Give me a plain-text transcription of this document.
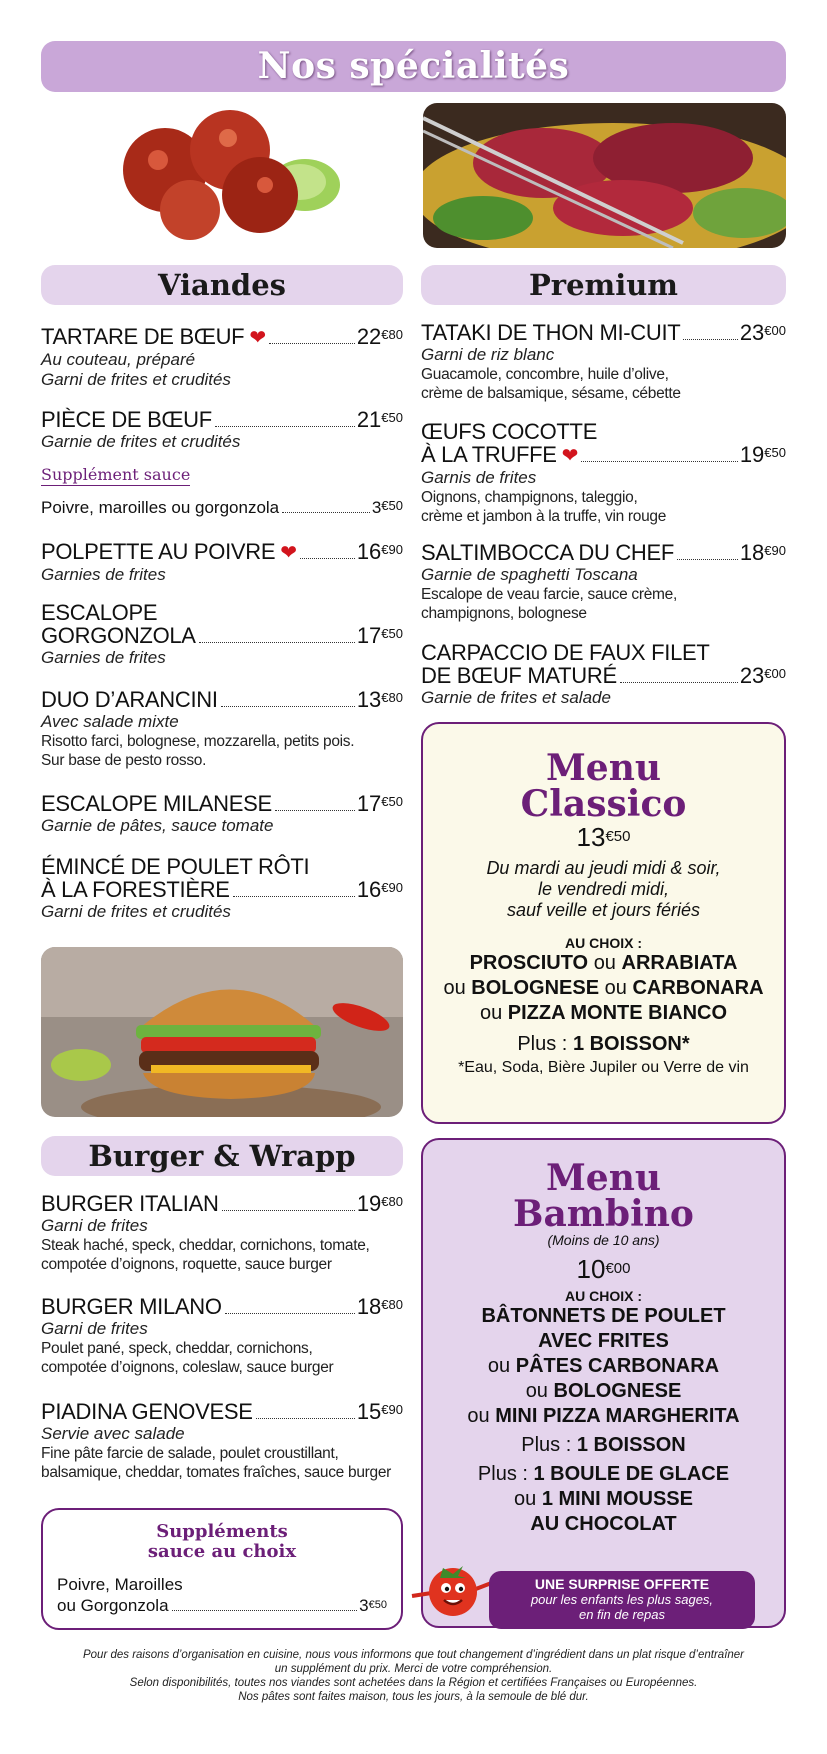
Nos spécialités
Viandes	Premium
TARTARE DE BŒUF ❤	$22^{€80}$
Au couteau, préparé
Garni de frites et crudités
PIÈCE DE BŒUF	$21^{€50}$
Garnie de frites et crudités
Supplément sauce
Poivre, maroilles ou gorgonzola	$3^{€50}$
POLPETTE AU POIVRE ❤	$16^{€90}$
Garnies de frites
ESCALOPE
GORGONZOLA	$17^{€50}$
Garnies de frites
DUO D’ARANCINI	$13^{€80}$
Avec salade mixte
Risotto farci, bolognese, mozzarella, petits pois.
Sur base de pesto rosso.
ESCALOPE MILANESE	$17^{€50}$
Garnie de pâtes, sauce tomate
ÉMINCÉ DE POULET RÔTI
À LA FORESTIÈRE	$16^{€90}$
Garni de frites et crudités
TATAKI DE THON MI-CUIT	$23^{€00}$
Garni de riz blanc
Guacamole, concombre, huile d’olive,
crème de balsamique, sésame, cébette
ŒUFS COCOTTE
À LA TRUFFE ❤	$19^{€50}$
Garnis de frites
Oignons, champignons, taleggio,
crème et jambon à la truffe, vin rouge
SALTIMBOCCA DU CHEF	$18^{€90}$
Garnie de spaghetti Toscana
Escalope de veau farcie, sauce crème,
champignons, bolognese
CARPACCIO DE FAUX FILET
DE BŒUF MATURÉ	$23^{€00}$
Garnie de frites et salade
Menu
Classico
$13^{€50}$
Du mardi au jeudi midi & soir,
le vendredi midi,
sauf veille et jours fériés
AU CHOIX :
PROSCIUTO ou ARRABIATA
ou BOLOGNESE ou CARBONARA
ou PIZZA MONTE BIANCO
Plus : 1 BOISSON*
*Eau, Soda, Bière Jupiler ou Verre de vin
Burger & Wrapp
BURGER ITALIAN	$19^{€80}$
Garni de frites
Steak haché, speck, cheddar, cornichons, tomate,
compotée d’oignons, roquette, sauce burger
BURGER MILANO	$18^{€80}$
Garni de frites
Poulet pané, speck, cheddar, cornichons,
compotée d’oignons, coleslaw, sauce burger
PIADINA GENOVESE	$15^{€90}$
Servie avec salade
Fine pâte farcie de salade, poulet croustillant,
balsamique, cheddar, tomates fraîches, sauce burger
Suppléments
sauce au choix
Poivre, Maroilles
ou Gorgonzola	$3^{€50}$
Menu
Bambino
(Moins de 10 ans)
$10^{€00}$
AU CHOIX :
BÂTONNETS DE POULET
AVEC FRITES
ou PÂTES CARBONARA
ou BOLOGNESE
ou MINI PIZZA MARGHERITA
Plus : 1 BOISSON
Plus : 1 BOULE DE GLACE
ou 1 MINI MOUSSE
AU CHOCOLAT
UNE SURPRISE OFFERTE
pour les enfants les plus sages,
en fin de repas
Pour des raisons d’organisation en cuisine, nous vous informons que tout changement d’ingrédient dans un plat risque d’entraîner
un supplément du prix. Merci de votre compréhension.
Selon disponibilités, toutes nos viandes sont achetées dans la Région et certifiées Françaises ou Européennes.
Nos pâtes sont faites maison, tous les jours, à la semoule de blé dur.
